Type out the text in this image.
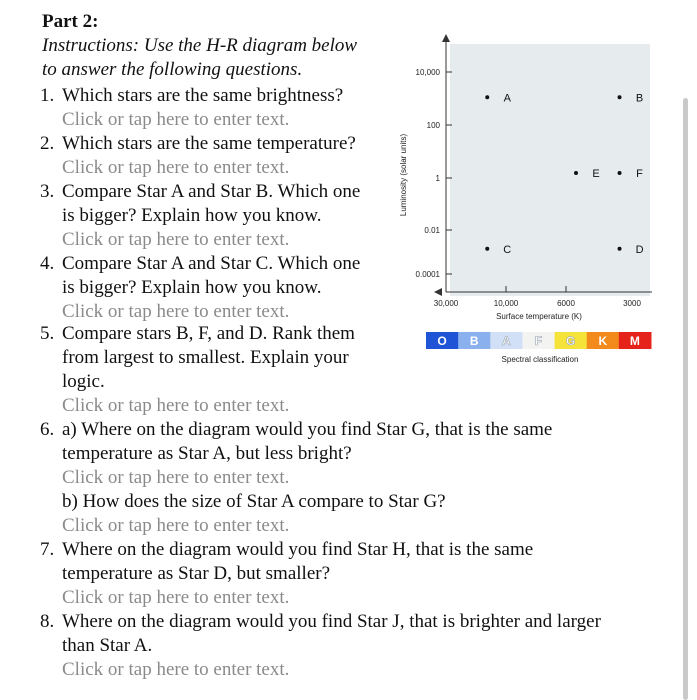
Part 2:
Instructions: Use the H-R diagram below
to answer the following questions.
1. Which stars are the same brightness?
Click or tap here to enter text.
2. Which stars are the same temperature?
Click or tap here to enter text.
3. Compare Star A and Star B. Which one
is bigger? Explain how you know.
Click or tap here to enter text.
4. Compare Star A and Star C. Which one
is bigger? Explain how you know.
Click or tap here to enter text.
5. Compare stars B, F, and D. Rank them
from largest to smallest. Explain your
logic.
Click or tap here to enter text.
6. a) Where on the diagram would you find Star G, that is the same
temperature as Star A, but less bright?
Click or tap here to enter text.
b) How does the size of Star A compare to Star G?
Click or tap here to enter text.
7. Where on the diagram would you find Star H, that is the same
temperature as Star D, but smaller?
Click or tap here to enter text.
8. Where on the diagram would you find Star J, that is brighter and larger
than Star A.
Click or tap here to enter text.
10,000
100
1
0.01
0.0001
Luminosity (solar units)
30,000	10,000	6000	3000
Surface temperature (K)
A	B
E	F
C	D
O B A F G K M
Spectral classification
